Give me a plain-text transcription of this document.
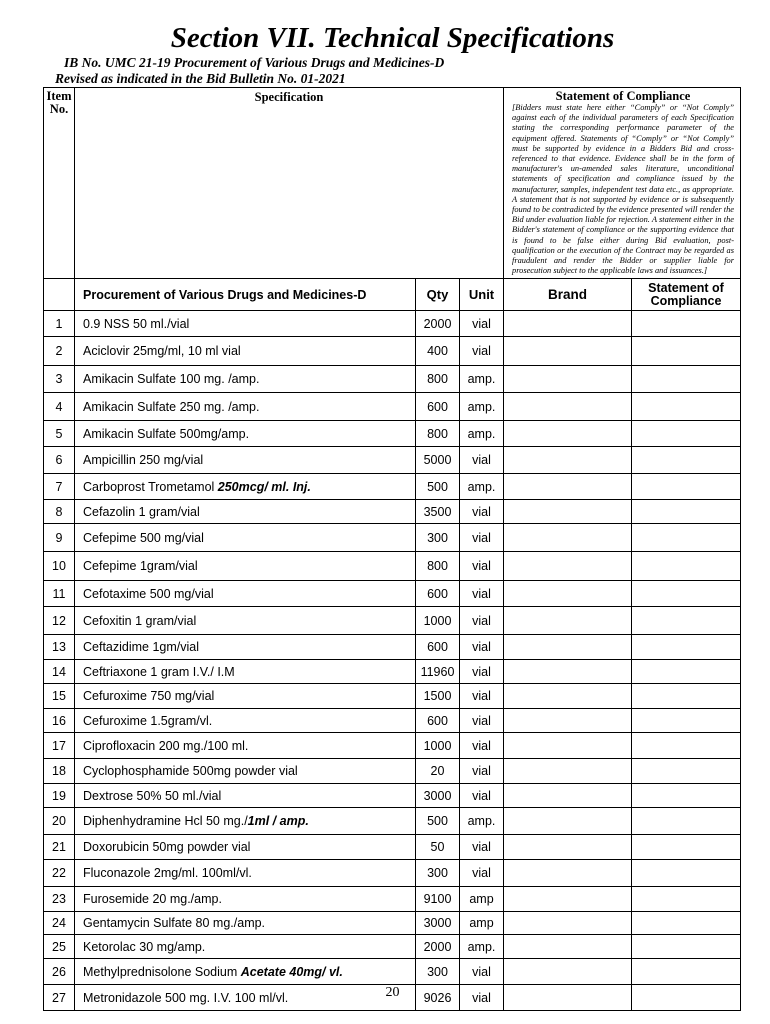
Section VII. Technical Specifications
IB No. UMC 21-19 Procurement of Various Drugs and Medicines-D
Revised as indicated in the Bid Bulletin No. 01-2021
Item No.	Specification			Statement of Compliance
[Bidders must state here either “Comply” or “Not Comply” against each of the individual parameters of each Specification stating the corresponding performance parameter of the equipment offered. Statements of “Comply” or “Not Comply” must be supported by evidence in a Bidders Bid and cross-referenced to that evidence. Evidence shall be in the form of manufacturer's un-amended sales literature, unconditional statements of specification and compliance issued by the manufacturer, samples, independent test data etc., as appropriate. A statement that is not supported by evidence or is subsequently found to be contradicted by the evidence presented will render the Bid under evaluation liable for rejection. A statement either in the Bidder's statement of compliance or the supporting evidence that is found to be false either during Bid evaluation, post-qualification or the execution of the Contract may be regarded as fraudulent and render the Bidder or supplier liable for prosecution subject to the applicable laws and issuances.]	

	Procurement of Various Drugs and Medicines-D	Qty	Unit	Brand	Statement of Compliance
1	0.9 NSS 50 ml./vial	2000	vial		
2	Aciclovir 25mg/ml, 10 ml vial	400	vial		
3	Amikacin Sulfate 100 mg. /amp.	800	amp.		
4	Amikacin Sulfate 250 mg. /amp.	600	amp.		
5	Amikacin Sulfate 500mg/amp.	800	amp.		
6	Ampicillin 250 mg/vial	5000	vial		
7	Carboprost Trometamol 250mcg/ ml. Inj.	500	amp.		
8	Cefazolin 1 gram/vial	3500	vial		
9	Cefepime 500 mg/vial	300	vial		
10	Cefepime 1gram/vial	800	vial		
11	Cefotaxime 500 mg/vial	600	vial		
12	Cefoxitin 1 gram/vial	1000	vial		
13	Ceftazidime 1gm/vial	600	vial		
14	Ceftriaxone 1 gram I.V./ I.M	11960	vial		
15	Cefuroxime 750 mg/vial	1500	vial		
16	Cefuroxime 1.5gram/vl.	600	vial		
17	Ciprofloxacin 200 mg./100 ml.	1000	vial		
18	Cyclophosphamide 500mg powder vial	20	vial		
19	Dextrose 50% 50 ml./vial	3000	vial		
20	Diphenhydramine Hcl 50 mg./1ml / amp.	500	amp.		
21	Doxorubicin 50mg powder vial	50	vial		
22	Fluconazole 2mg/ml. 100ml/vl.	300	vial		
23	Furosemide 20 mg./amp.	9100	amp		
24	Gentamycin Sulfate 80 mg./amp.	3000	amp		
25	Ketorolac 30 mg/amp.	2000	amp.		
26	Methylprednisolone Sodium Acetate 40mg/ vl.	300	vial		
27	Metronidazole 500 mg. I.V. 100 ml/vl.	9026	vial		
20
